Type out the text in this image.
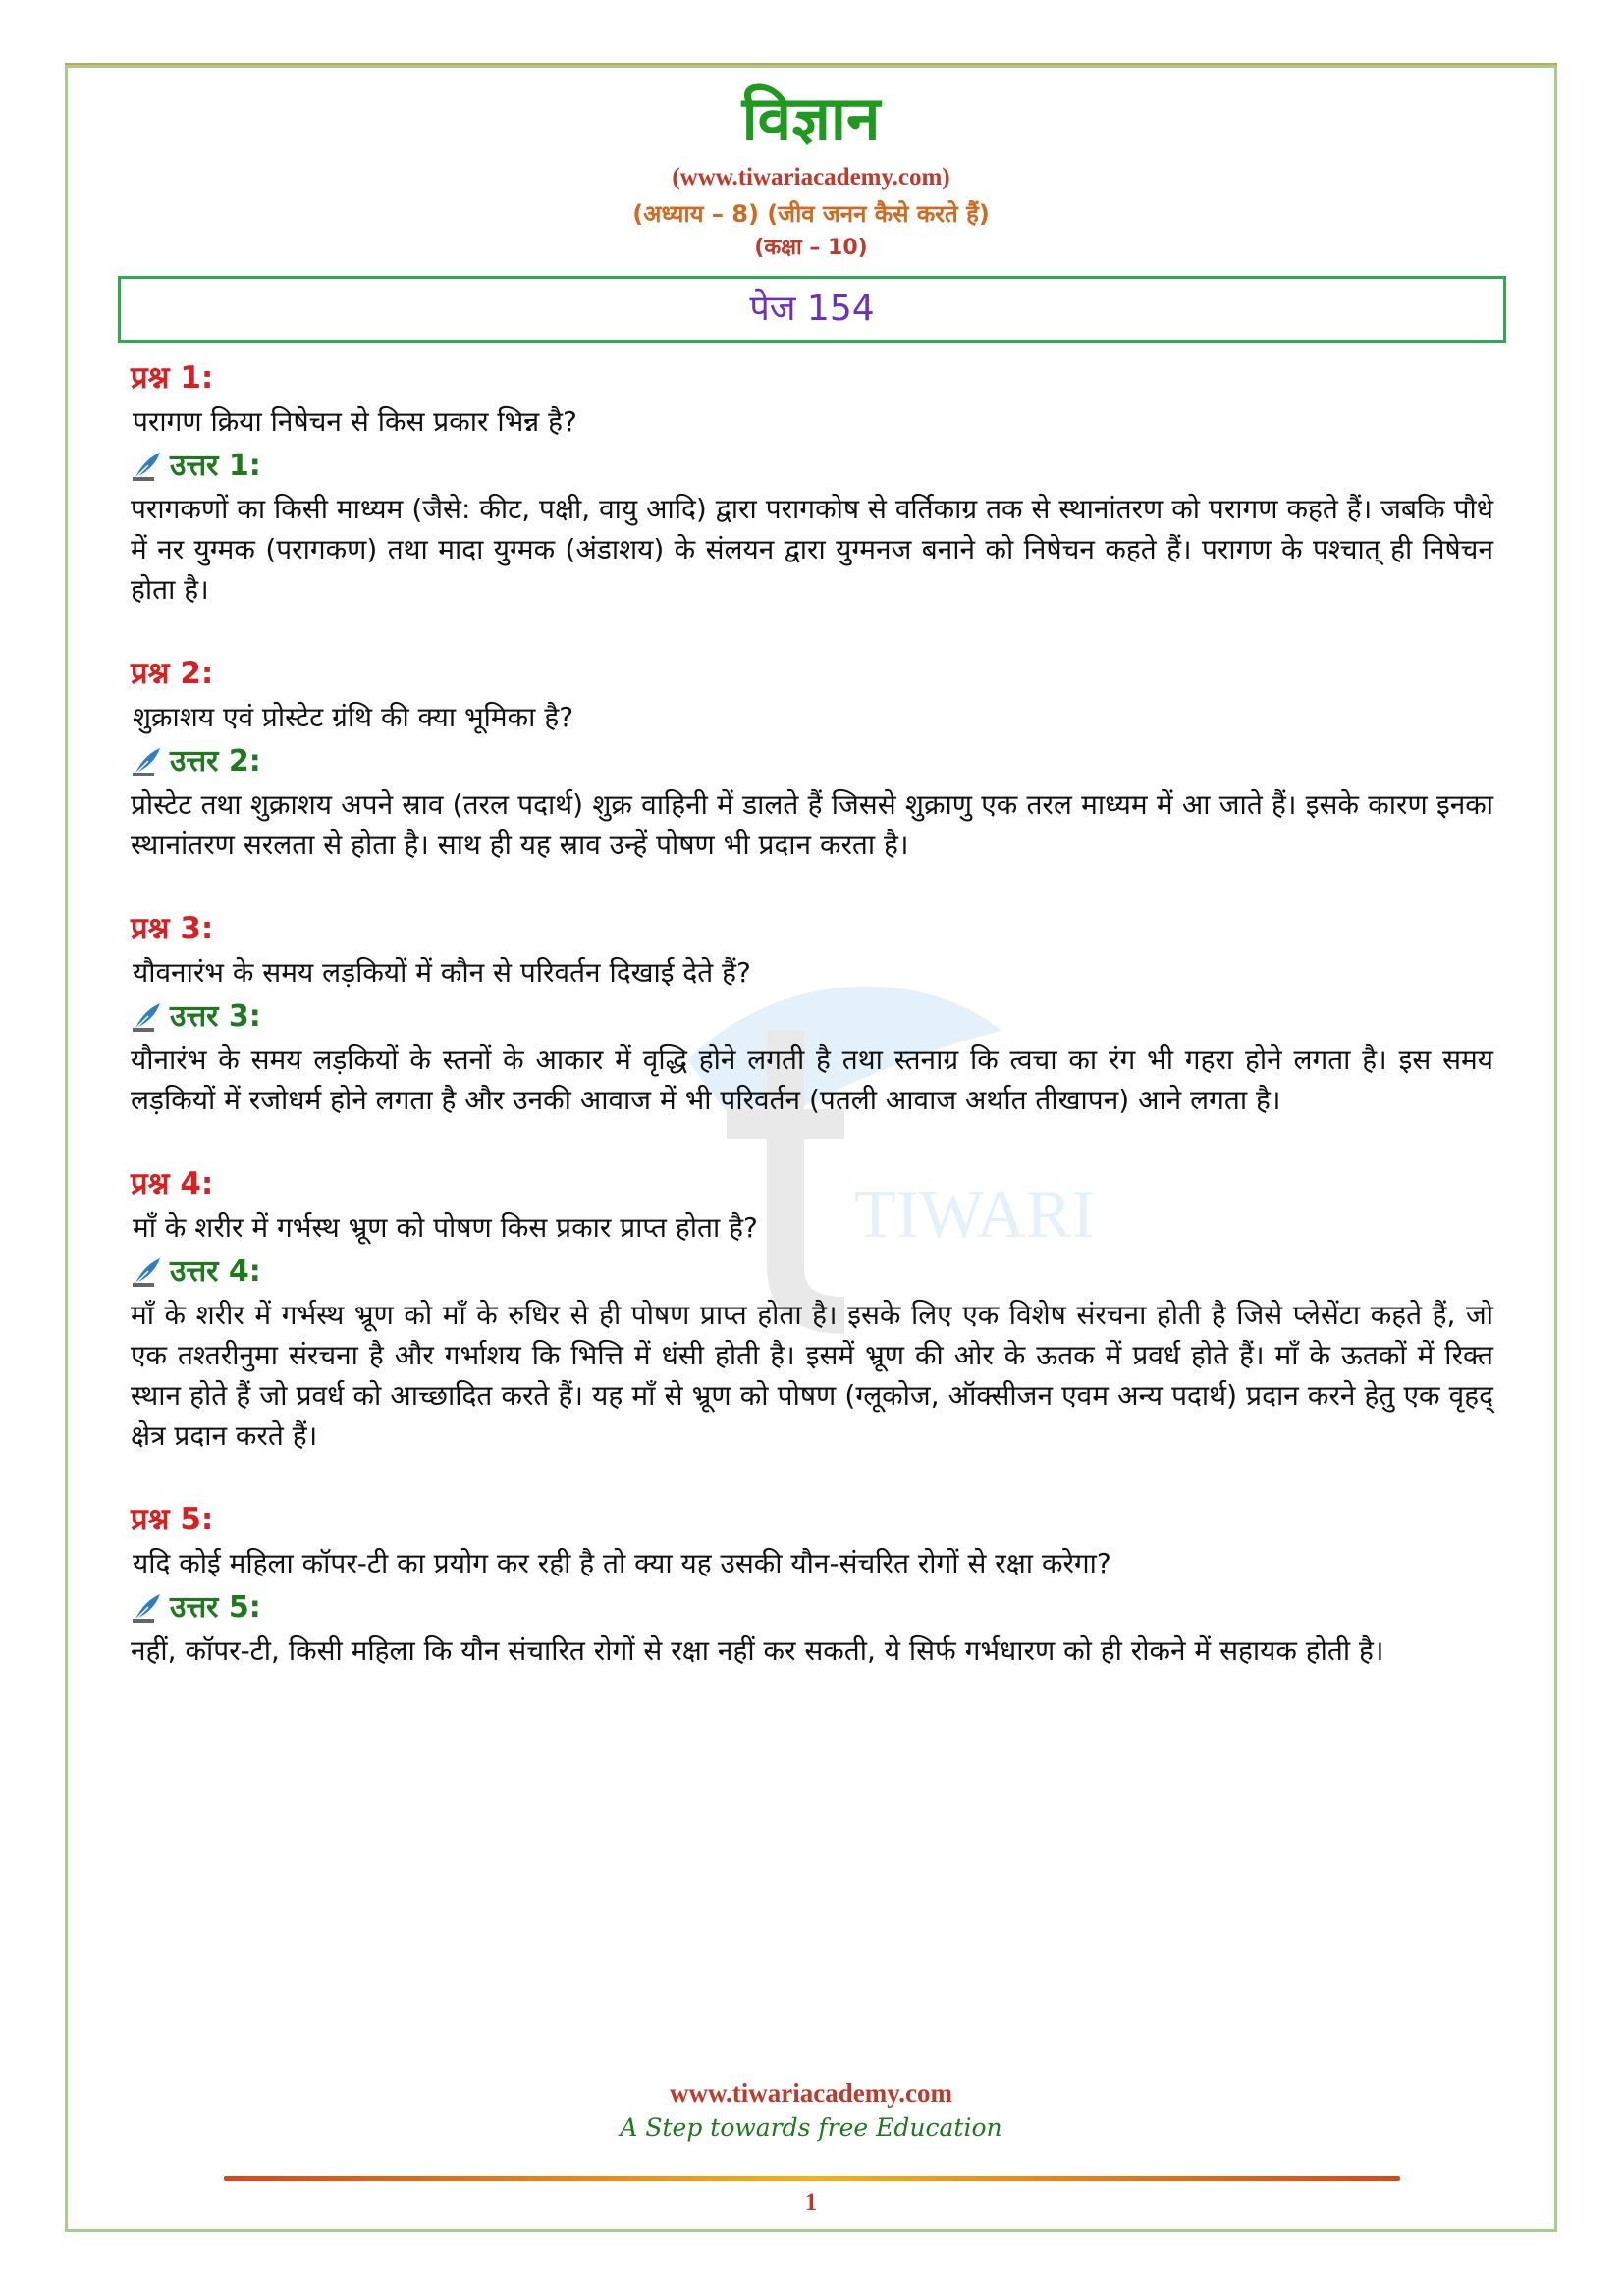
TIWARI
विज्ञान
(www.tiwariacademy.com)
(अध्याय – 8) (जीव जनन कैसे करते हैं)
(कक्षा – 10)
पेज 154
प्रश्न 1:
परागण क्रिया निषेचन से किस प्रकार भिन्न है?
उत्तर 1:
परागकणों का किसी माध्यम (जैसे: कीट, पक्षी, वायु आदि) द्वारा परागकोष से वर्तिकाग्र तक से स्थानांतरण को परागण कहते हैं। जबकि पौधे में नर युग्मक (परागकण) तथा मादा युग्मक (अंडाशय) के संलयन द्वारा युग्मनज बनाने को निषेचन कहते हैं। परागण के पश्चात् ही निषेचन होता है।
प्रश्न 2:
शुक्राशय एवं प्रोस्टेट ग्रंथि की क्या भूमिका है?
उत्तर 2:
प्रोस्टेट तथा शुक्राशय अपने स्राव (तरल पदार्थ) शुक्र वाहिनी में डालते हैं जिससे शुक्राणु एक तरल माध्यम में आ जाते हैं। इसके कारण इनका स्थानांतरण सरलता से होता है। साथ ही यह स्राव उन्हें पोषण भी प्रदान करता है।
प्रश्न 3:
यौवनारंभ के समय लड़कियों में कौन से परिवर्तन दिखाई देते हैं?
उत्तर 3:
यौनारंभ के समय लड़कियों के स्तनों के आकार में वृद्धि होने लगती है तथा स्तनाग्र कि त्वचा का रंग भी गहरा होने लगता है। इस समय लड़कियों में रजोधर्म होने लगता है और उनकी आवाज में भी परिवर्तन (पतली आवाज अर्थात तीखापन) आने लगता है।
प्रश्न 4:
माँ के शरीर में गर्भस्थ भ्रूण को पोषण किस प्रकार प्राप्त होता है?
उत्तर 4:
माँ के शरीर में गर्भस्थ भ्रूण को माँ के रुधिर से ही पोषण प्राप्त होता है। इसके लिए एक विशेष संरचना होती है जिसे प्लेसेंटा कहते हैं, जो एक तश्तरीनुमा संरचना है और गर्भाशय कि भित्ति में धंसी होती है। इसमें भ्रूण की ओर के ऊतक में प्रवर्ध होते हैं। माँ के ऊतकों में रिक्त स्थान होते हैं जो प्रवर्ध को आच्छादित करते हैं। यह माँ से भ्रूण को पोषण (ग्लूकोज, ऑक्सीजन एवम अन्य पदार्थ) प्रदान करने हेतु एक वृहद् क्षेत्र प्रदान करते हैं।
प्रश्न 5:
यदि कोई महिला कॉपर-टी का प्रयोग कर रही है तो क्या यह उसकी यौन-संचरित रोगों से रक्षा करेगा?
उत्तर 5:
नहीं, कॉपर-टी, किसी महिला कि यौन संचारित रोगों से रक्षा नहीं कर सकती, ये सिर्फ गर्भधारण को ही रोकने में सहायक होती है।
www.tiwariacademy.com
A Step towards free Education
1
